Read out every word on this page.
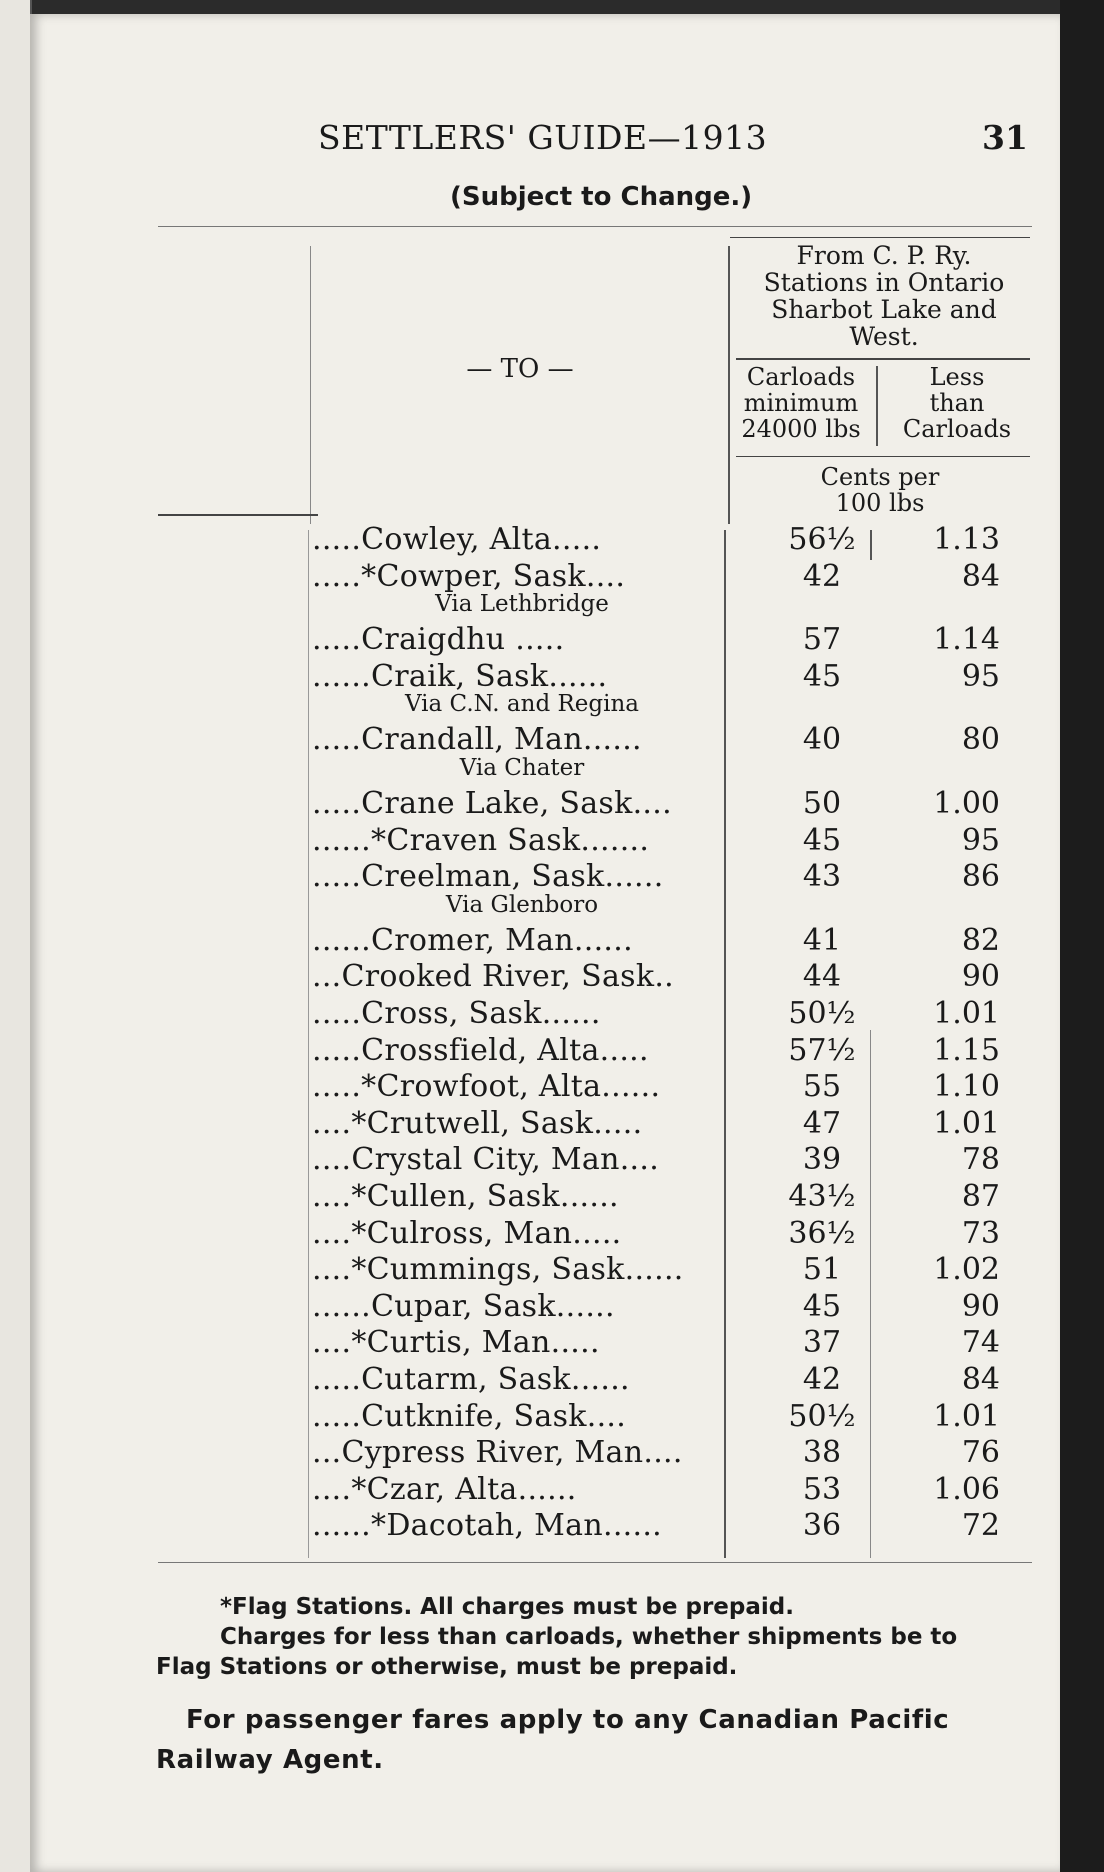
SETTLERS' GUIDE—1913	31
(Subject to Change.)
— TO —
From C. P. Ry.
Stations in Ontario
Sharbot Lake and
West.
Carloads
minimum
24000 lbs
Less
than
Carloads
Cents per
100 lbs
.....Cowley, Alta.....	56½	1.13
.....*Cowper, Sask....	42	84
Via Lethbridge
.....Craigdhu .....	57	1.14
......Craik, Sask......	45	95
Via C.N. and Regina
.....Crandall, Man......	40	80
Via Chater
.....Crane Lake, Sask....	50	1.00
......*Craven Sask.......	45	95
.....Creelman, Sask......	43	86
Via Glenboro
......Cromer, Man......	41	82
...Crooked River, Sask..	44	90
.....Cross, Sask......	50½	1.01
.....Crossfield, Alta.....	57½	1.15
.....*Crowfoot, Alta......	55	1.10
....*Crutwell, Sask.....	47	1.01
....Crystal City, Man....	39	78
....*Cullen, Sask......	43½	87
....*Culross, Man.....	36½	73
....*Cummings, Sask......	51	1.02
......Cupar, Sask......	45	90
....*Curtis, Man.....	37	74
.....Cutarm, Sask......	42	84
.....Cutknife, Sask....	50½	1.01
...Cypress River, Man....	38	76
....*Czar, Alta......	53	1.06
......*Dacotah, Man......	36	72
*Flag Stations. All charges must be prepaid.
Charges for less than carloads, whether shipments be to
Flag Stations or otherwise, must be prepaid.
For passenger fares apply to any Canadian Pacific Railway Agent.
